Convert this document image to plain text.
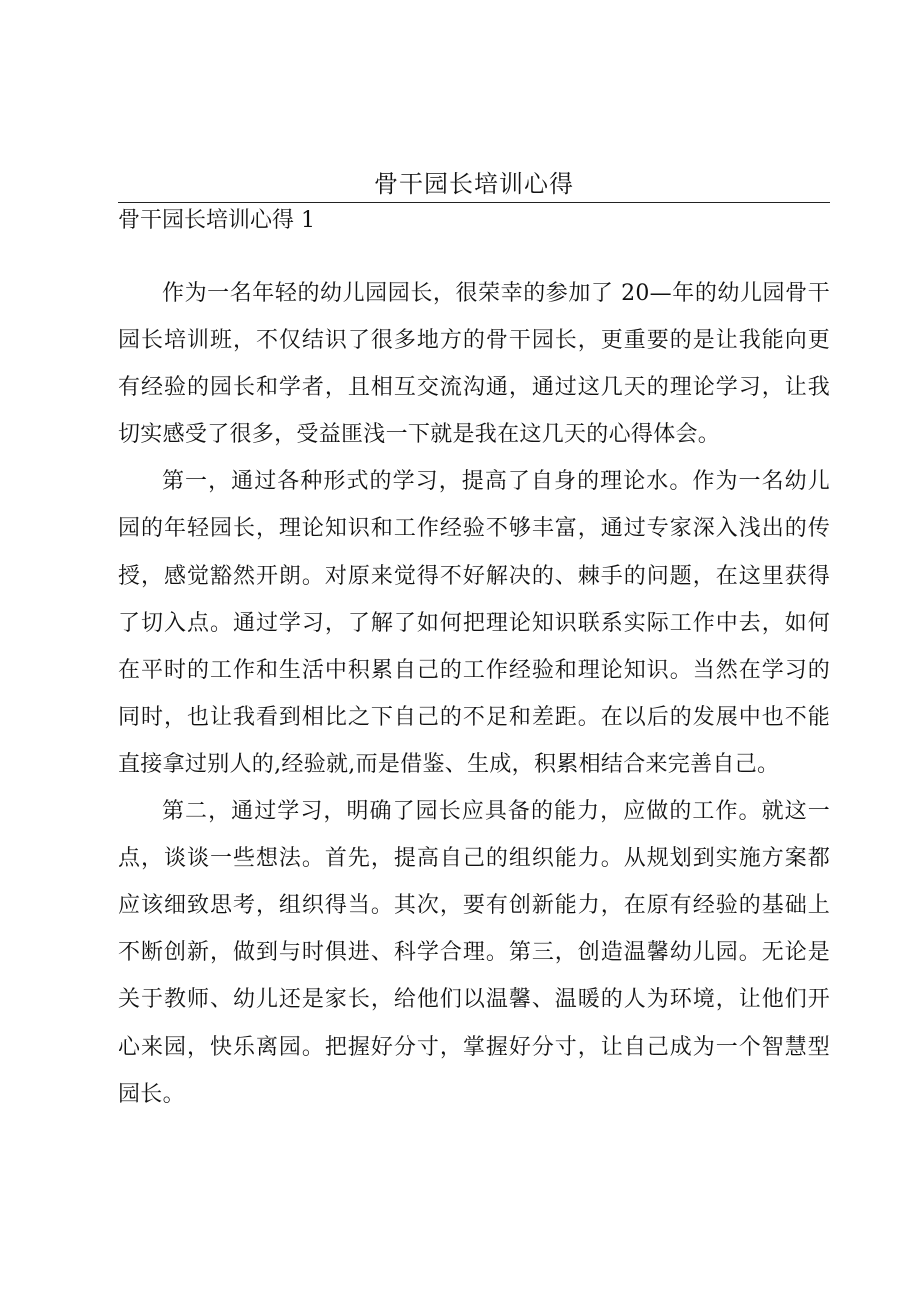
骨干园长培训心得
骨干园长培训心得 1

作为一名年轻的幼儿园园长，很荣幸的参加了 20—年的幼儿园骨干园长培训班，不仅结识了很多地方的骨干园长，更重要的是让我能向更有经验的园长和学者，且相互交流沟通，通过这几天的理论学习，让我切实感受了很多，受益匪浅一下就是我在这几天的心得体会。

第一，通过各种形式的学习，提高了自身的理论水。作为一名幼儿园的年轻园长，理论知识和工作经验不够丰富，通过专家深入浅出的传授，感觉豁然开朗。对原来觉得不好解决的、棘手的问题，在这里获得了切入点。通过学习，了解了如何把理论知识联系实际工作中去，如何在平时的工作和生活中积累自己的工作经验和理论知识。当然在学习的同时，也让我看到相比之下自己的不足和差距。在以后的发展中也不能直接拿过别人的,经验就,而是借鉴、生成，积累相结合来完善自己。

第二，通过学习，明确了园长应具备的能力，应做的工作。就这一点，谈谈一些想法。首先，提高自己的组织能力。从规划到实施方案都应该细致思考，组织得当。其次，要有创新能力，在原有经验的基础上不断创新，做到与时俱进、科学合理。第三，创造温馨幼儿园。无论是关于教师、幼儿还是家长，给他们以温馨、温暖的人为环境，让他们开心来园，快乐离园。把握好分寸，掌握好分寸，让自己成为一个智慧型园长。
